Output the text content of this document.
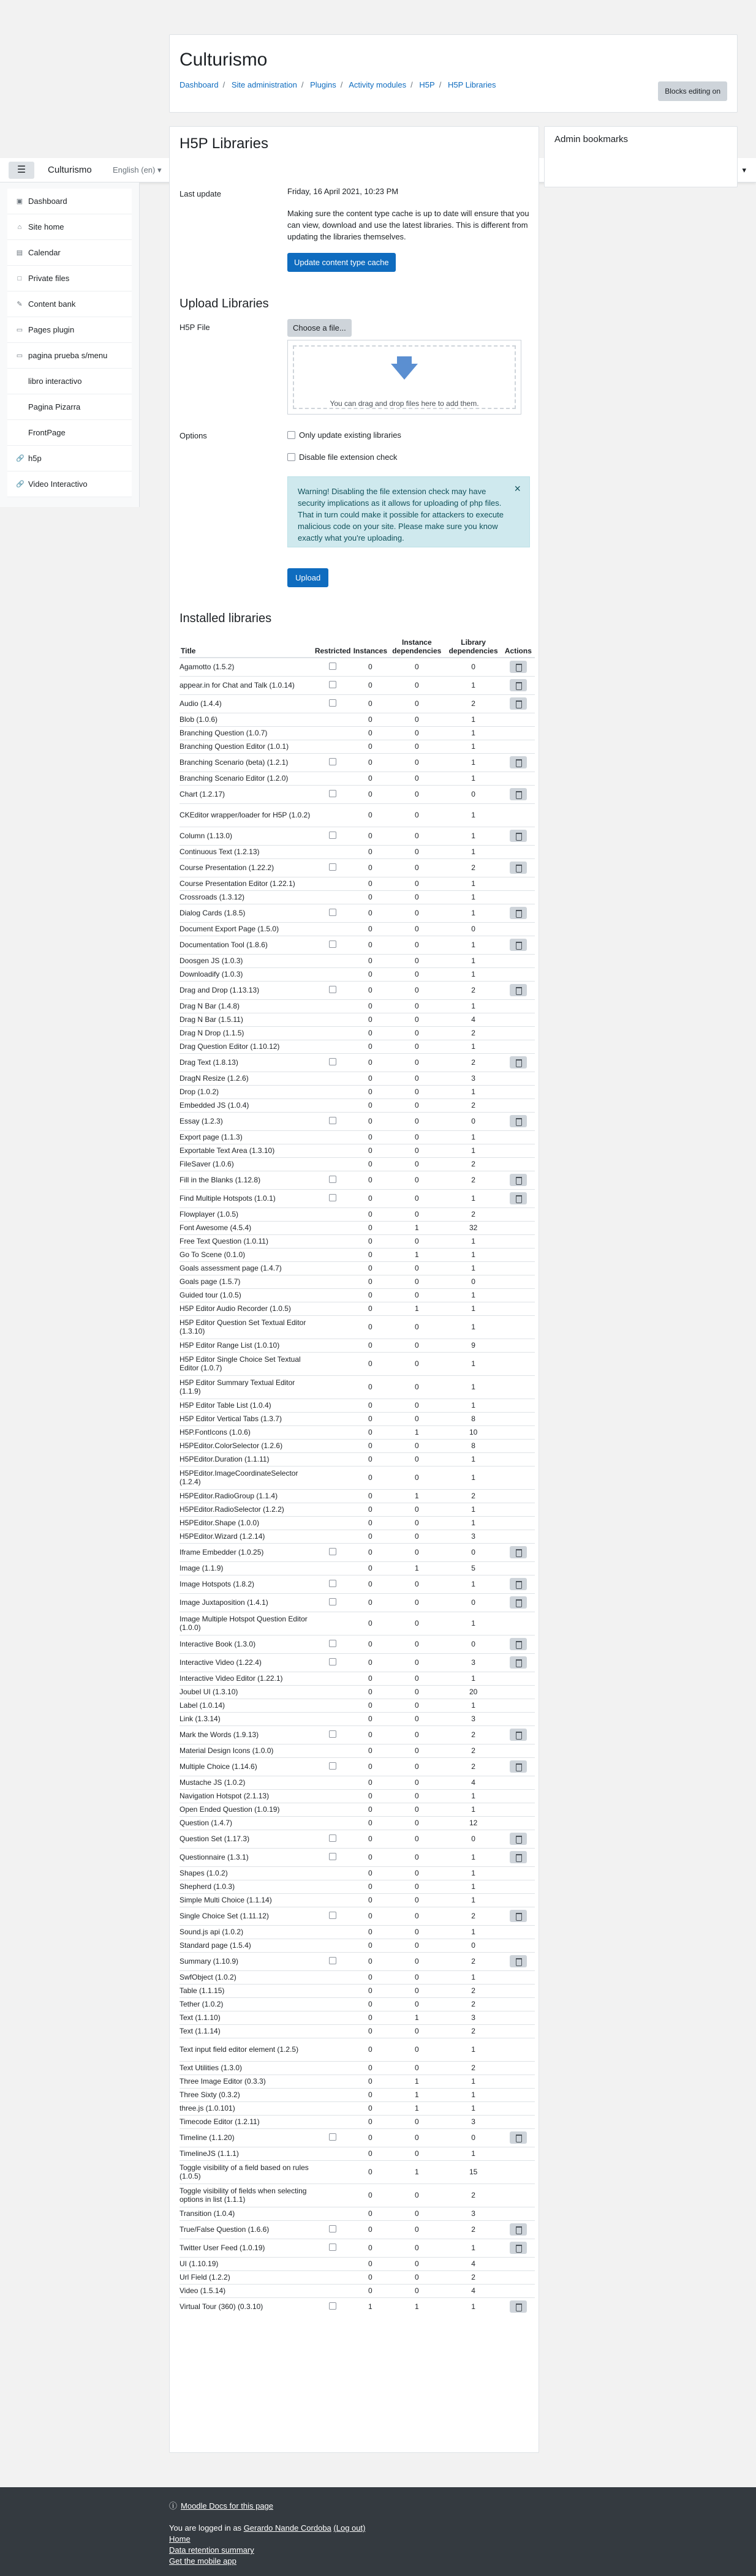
Culturismo
Dashboard / Site administration / Plugins / Activity modules / H5P / H5P Libraries
Blocks editing on
☰	Culturismo	English (en) ▾	▾
▣ Dashboard
⌂ Site home
▤ Calendar
□ Private files
✎ Content bank
▭ Pages plugin
▭ pagina prueba s/menu
libro interactivo
Pagina Pizarra
FrontPage
🔗 h5p
🔗 Video Interactivo
Admin bookmarks
H5P Libraries
Last update	Friday, 16 April 2021, 10:23 PM
Making sure the content type cache is up to date will ensure that you can view, download and use the latest libraries. This is different from updating the libraries themselves.
Update content type cache
Upload Libraries
H5P File	Choose a file...
You can drag and drop files here to add them.
Options	Only update existing libraries
Disable file extension check
Warning! Disabling the file extension check may have security implications as it allows for uploading of php files. That in turn could make it possible for attackers to execute malicious code on your site. Please make sure you know exactly what you're uploading.
×
Upload
Installed libraries
Title	Restricted	Instances	Instance dependencies	Library dependencies	Actions
Agamotto (1.5.2)		0	0	0	
appear.in for Chat and Talk (1.0.14)		0	0	1	
Audio (1.4.4)		0	0	2	
Blob (1.0.6)		0	0	1	
Branching Question (1.0.7)		0	0	1	
Branching Question Editor (1.0.1)		0	0	1	
Branching Scenario (beta) (1.2.1)		0	0	1	
Branching Scenario Editor (1.2.0)		0	0	1	
Chart (1.2.17)		0	0	0	
CKEditor wrapper/loader for H5P (1.0.2)		0	0	1	
Column (1.13.0)		0	0	1	
Continuous Text (1.2.13)		0	0	1	
Course Presentation (1.22.2)		0	0	2	
Course Presentation Editor (1.22.1)		0	0	1	
Crossroads (1.3.12)		0	0	1	
Dialog Cards (1.8.5)		0	0	1	
Document Export Page (1.5.0)		0	0	0	
Documentation Tool (1.8.6)		0	0	1	
Doosgen JS (1.0.3)		0	0	1	
Downloadify (1.0.3)		0	0	1	
Drag and Drop (1.13.13)		0	0	2	
Drag N Bar (1.4.8)		0	0	1	
Drag N Bar (1.5.11)		0	0	4	
Drag N Drop (1.1.5)		0	0	2	
Drag Question Editor (1.10.12)		0	0	1	
Drag Text (1.8.13)		0	0	2	
DragN Resize (1.2.6)		0	0	3	
Drop (1.0.2)		0	0	1	
Embedded JS (1.0.4)		0	0	2	
Essay (1.2.3)		0	0	0	
Export page (1.1.3)		0	0	1	
Exportable Text Area (1.3.10)		0	0	1	
FileSaver (1.0.6)		0	0	2	
Fill in the Blanks (1.12.8)		0	0	2	
Find Multiple Hotspots (1.0.1)		0	0	1	
Flowplayer (1.0.5)		0	0	2	
Font Awesome (4.5.4)		0	1	32	
Free Text Question (1.0.11)		0	0	1	
Go To Scene (0.1.0)		0	1	1	
Goals assessment page (1.4.7)		0	0	1	
Goals page (1.5.7)		0	0	0	
Guided tour (1.0.5)		0	0	1	
H5P Editor Audio Recorder (1.0.5)		0	1	1	
H5P Editor Question Set Textual Editor (1.3.10)		0	0	1	
H5P Editor Range List (1.0.10)		0	0	9	
H5P Editor Single Choice Set Textual Editor (1.0.7)		0	0	1	
H5P Editor Summary Textual Editor (1.1.9)		0	0	1	
H5P Editor Table List (1.0.4)		0	0	1	
H5P Editor Vertical Tabs (1.3.7)		0	0	8	
H5P.FontIcons (1.0.6)		0	1	10	
H5PEditor.ColorSelector (1.2.6)		0	0	8	
H5PEditor.Duration (1.1.11)		0	0	1	
H5PEditor.ImageCoordinateSelector (1.2.4)		0	0	1	
H5PEditor.RadioGroup (1.1.4)		0	1	2	
H5PEditor.RadioSelector (1.2.2)		0	0	1	
H5PEditor.Shape (1.0.0)		0	0	1	
H5PEditor.Wizard (1.2.14)		0	0	3	
Iframe Embedder (1.0.25)		0	0	0	
Image (1.1.9)		0	1	5	
Image Hotspots (1.8.2)		0	0	1	
Image Juxtaposition (1.4.1)		0	0	0	
Image Multiple Hotspot Question Editor (1.0.0)		0	0	1	
Interactive Book (1.3.0)		0	0	0	
Interactive Video (1.22.4)		0	0	3	
Interactive Video Editor (1.22.1)		0	0	1	
Joubel UI (1.3.10)		0	0	20	
Label (1.0.14)		0	0	1	
Link (1.3.14)		0	0	3	
Mark the Words (1.9.13)		0	0	2	
Material Design Icons (1.0.0)		0	0	2	
Multiple Choice (1.14.6)		0	0	2	
Mustache JS (1.0.2)		0	0	4	
Navigation Hotspot (2.1.13)		0	0	1	
Open Ended Question (1.0.19)		0	0	1	
Question (1.4.7)		0	0	12	
Question Set (1.17.3)		0	0	0	
Questionnaire (1.3.1)		0	0	1	
Shapes (1.0.2)		0	0	1	
Shepherd (1.0.3)		0	0	1	
Simple Multi Choice (1.1.14)		0	0	1	
Single Choice Set (1.11.12)		0	0	2	
Sound.js api (1.0.2)		0	0	1	
Standard page (1.5.4)		0	0	0	
Summary (1.10.9)		0	0	2	
SwfObject (1.0.2)		0	0	1	
Table (1.1.15)		0	0	2	
Tether (1.0.2)		0	0	2	
Text (1.1.10)		0	1	3	
Text (1.1.14)		0	0	2	
Text input field editor element (1.2.5)		0	0	1	
Text Utilities (1.3.0)		0	0	2	
Three Image Editor (0.3.3)		0	1	1	
Three Sixty (0.3.2)		0	1	1	
three.js (1.0.101)		0	1	1	
Timecode Editor (1.2.11)		0	0	3	
Timeline (1.1.20)		0	0	0	
TimelineJS (1.1.1)		0	0	1	
Toggle visibility of a field based on rules (1.0.5)		0	1	15	
Toggle visibility of fields when selecting options in list (1.1.1)		0	0	2	
Transition (1.0.4)		0	0	3	
True/False Question (1.6.6)		0	0	2	
Twitter User Feed (1.0.19)		0	0	1	
UI (1.10.19)		0	0	4	
Url Field (1.2.2)		0	0	2	
Video (1.5.14)		0	0	4	
Virtual Tour (360) (0.3.10)		1	1	1	
ⓘ Moodle Docs for this page
You are logged in as Gerardo Nande Cordoba (Log out)
Home
Data retention summary
Get the mobile app
